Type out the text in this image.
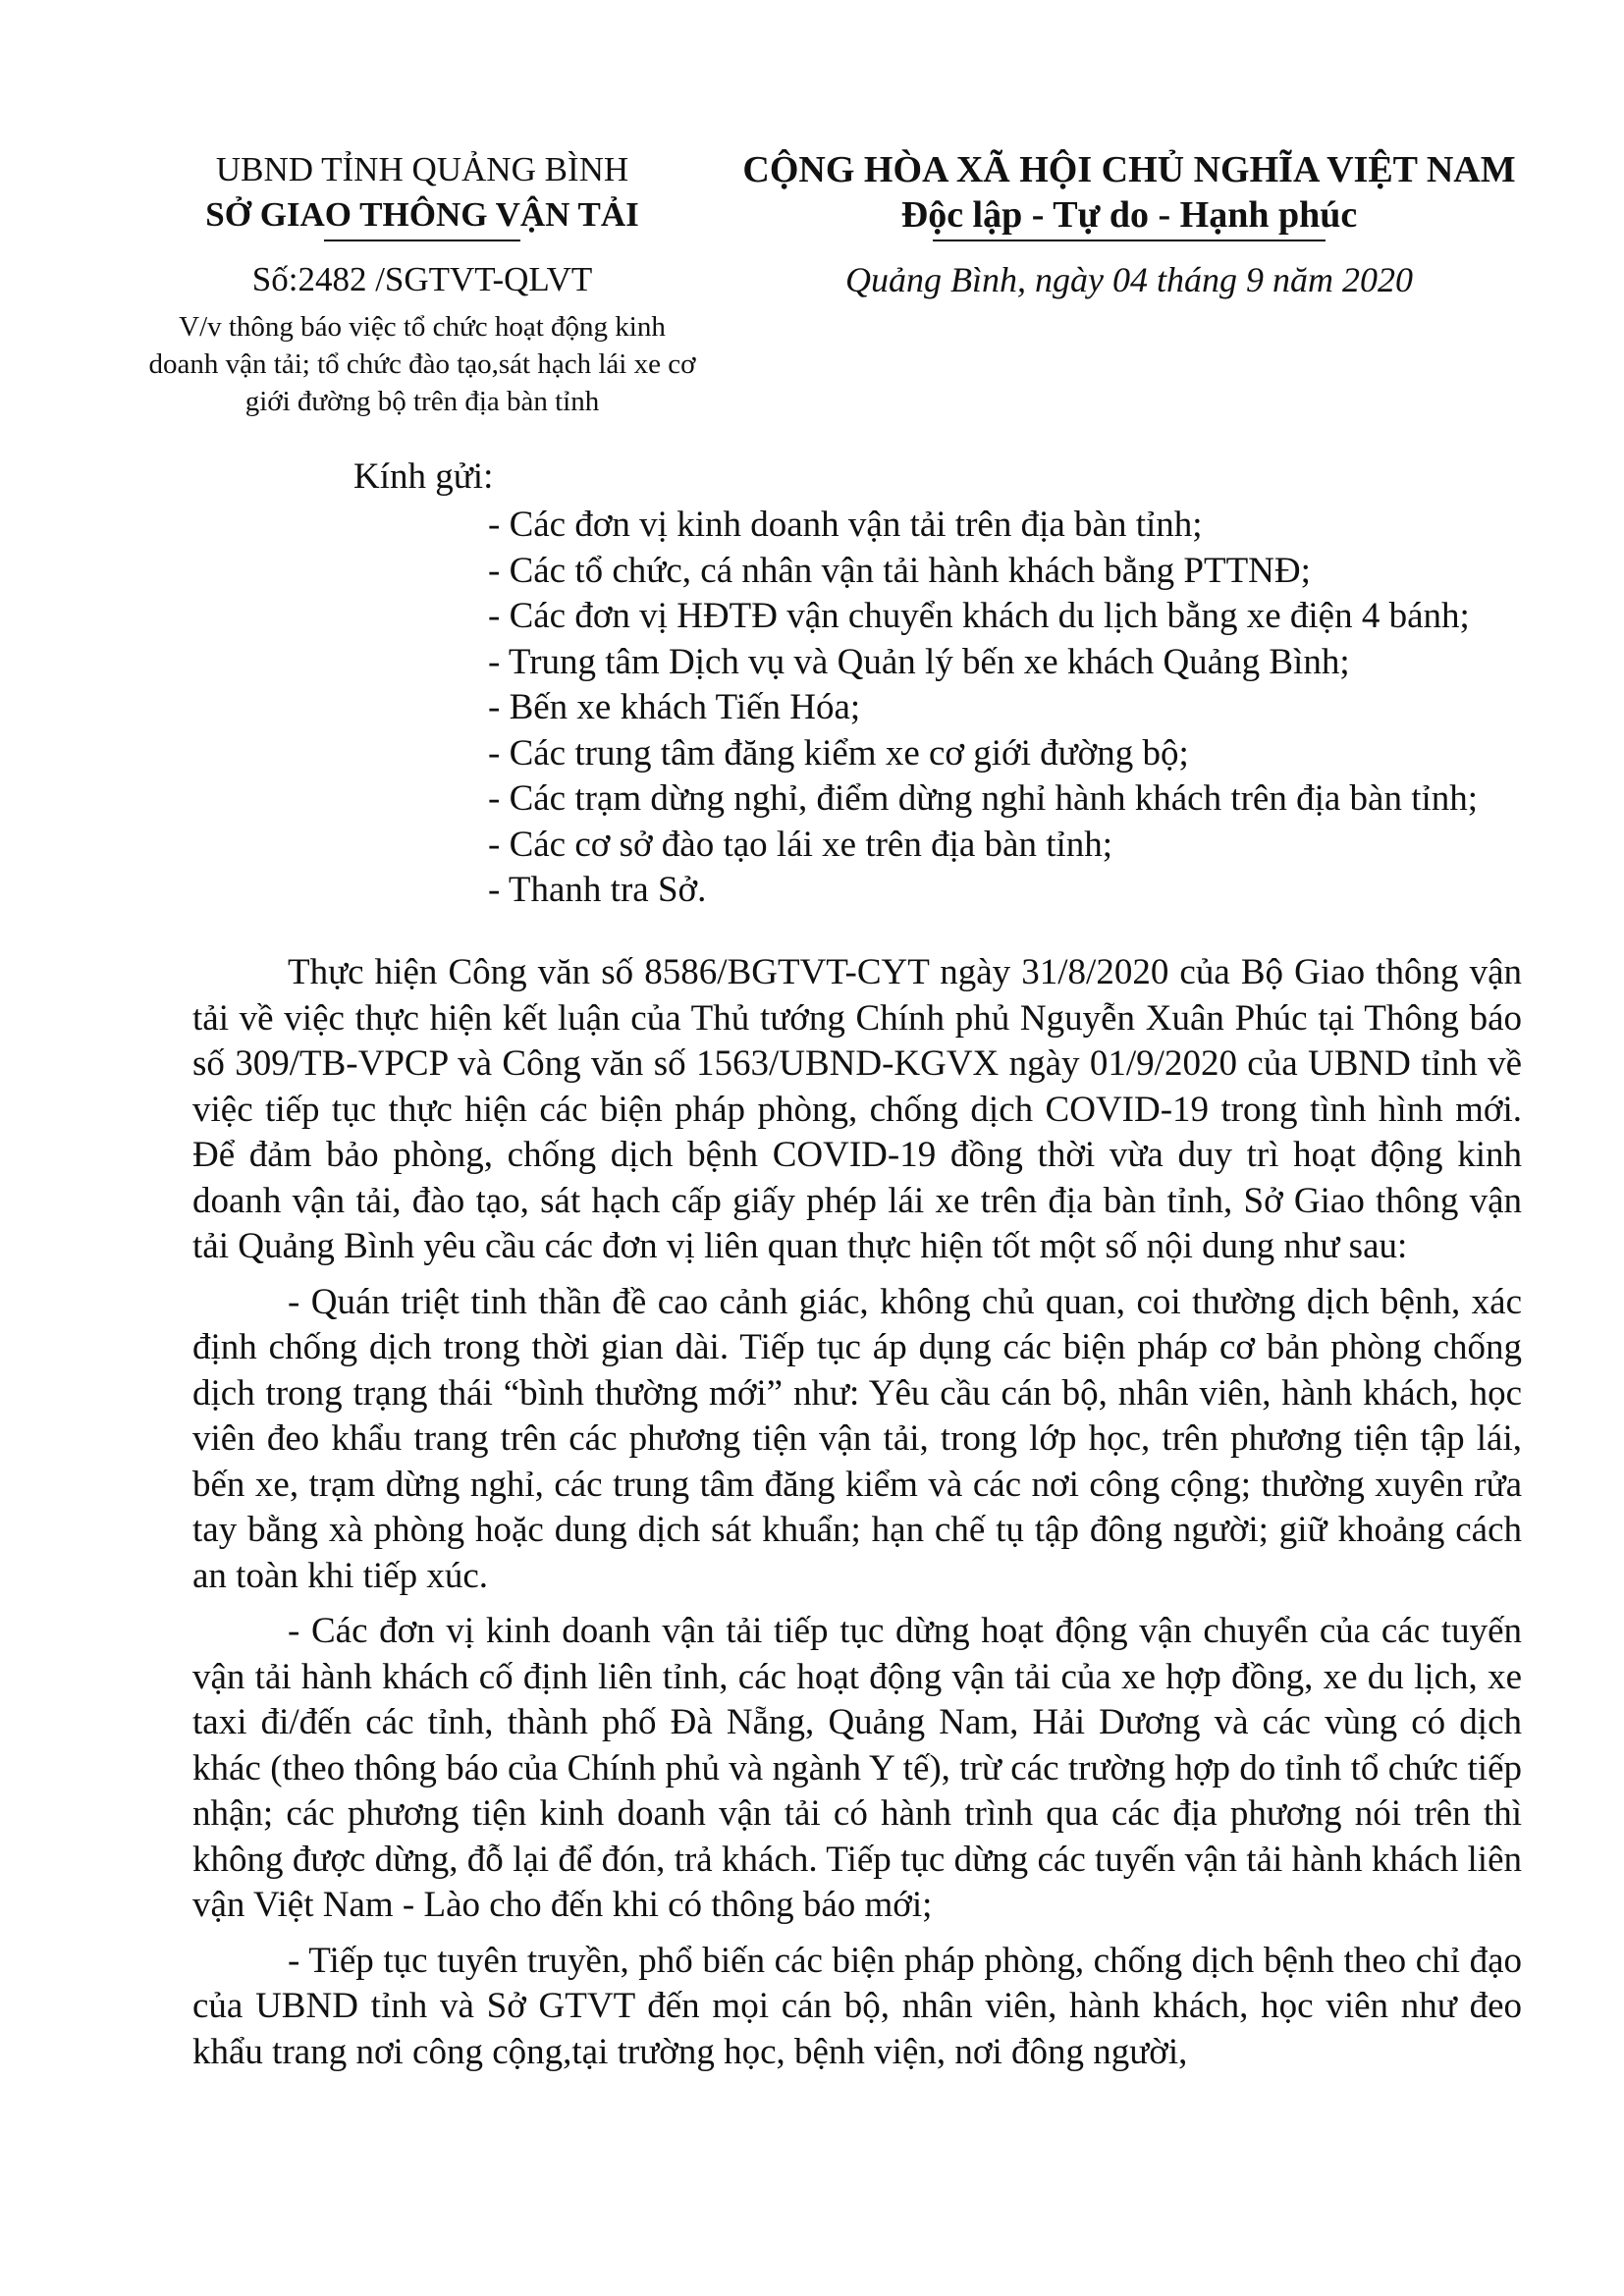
UBND TỈNH QUẢNG BÌNH
SỞ GIAO THÔNG VẬN TẢI
Số:2482 /SGTVT-QLVT
V/v thông báo việc tổ chức hoạt động kinh doanh vận tải; tổ chức đào tạo,sát hạch lái xe cơ giới đường bộ trên địa bàn tỉnh
CỘNG HÒA XÃ HỘI CHỦ NGHĨA VIỆT NAM
Độc lập - Tự do - Hạnh phúc
Quảng Bình, ngày 04 tháng 9 năm 2020
Kính gửi:
- Các đơn vị kinh doanh vận tải trên địa bàn tỉnh;
- Các tổ chức, cá nhân vận tải hành khách bằng PTTNĐ;
- Các đơn vị HĐTĐ vận chuyển khách du lịch bằng xe điện 4 bánh;
- Trung tâm Dịch vụ và Quản lý bến xe khách Quảng Bình;
- Bến xe khách Tiến Hóa;
- Các trung tâm đăng kiểm xe cơ giới đường bộ;
- Các trạm dừng nghỉ, điểm dừng nghỉ hành khách trên địa bàn tỉnh;
- Các cơ sở đào tạo lái xe trên địa bàn tỉnh;
- Thanh tra Sở.

Thực hiện Công văn số 8586/BGTVT-CYT ngày 31/8/2020 của Bộ Giao thông vận tải về việc thực hiện kết luận của Thủ tướng Chính phủ Nguyễn Xuân Phúc tại Thông báo số 309/TB-VPCP và Công văn số 1563/UBND-KGVX ngày 01/9/2020 của UBND tỉnh về việc tiếp tục thực hiện các biện pháp phòng, chống dịch COVID-19 trong tình hình mới. Để đảm bảo phòng, chống dịch bệnh COVID-19 đồng thời vừa duy trì hoạt động kinh doanh vận tải, đào tạo, sát hạch cấp giấy phép lái xe trên địa bàn tỉnh, Sở Giao thông vận tải Quảng Bình yêu cầu các đơn vị liên quan thực hiện tốt một số nội dung như sau:

- Quán triệt tinh thần đề cao cảnh giác, không chủ quan, coi thường dịch bệnh, xác định chống dịch trong thời gian dài. Tiếp tục áp dụng các biện pháp cơ bản phòng chống dịch trong trạng thái “bình thường mới” như: Yêu cầu cán bộ, nhân viên, hành khách, học viên đeo khẩu trang trên các phương tiện vận tải, trong lớp học, trên phương tiện tập lái, bến xe, trạm dừng nghỉ, các trung tâm đăng kiểm và các nơi công cộng; thường xuyên rửa tay bằng xà phòng hoặc dung dịch sát khuẩn; hạn chế tụ tập đông người; giữ khoảng cách an toàn khi tiếp xúc.

- Các đơn vị kinh doanh vận tải tiếp tục dừng hoạt động vận chuyển của các tuyến vận tải hành khách cố định liên tỉnh, các hoạt động vận tải của xe hợp đồng, xe du lịch, xe taxi đi/đến các tỉnh, thành phố Đà Nẵng, Quảng Nam, Hải Dương và các vùng có dịch khác (theo thông báo của Chính phủ và ngành Y tế), trừ các trường hợp do tỉnh tổ chức tiếp nhận; các phương tiện kinh doanh vận tải có hành trình qua các địa phương nói trên thì không được dừng, đỗ lại để đón, trả khách. Tiếp tục dừng các tuyến vận tải hành khách liên vận Việt Nam - Lào cho đến khi có thông báo mới;

- Tiếp tục tuyên truyền, phổ biến các biện pháp phòng, chống dịch bệnh theo chỉ đạo của UBND tỉnh và Sở GTVT đến mọi cán bộ, nhân viên, hành khách, học viên như đeo khẩu trang nơi công cộng,tại trường học, bệnh viện, nơi đông người,
